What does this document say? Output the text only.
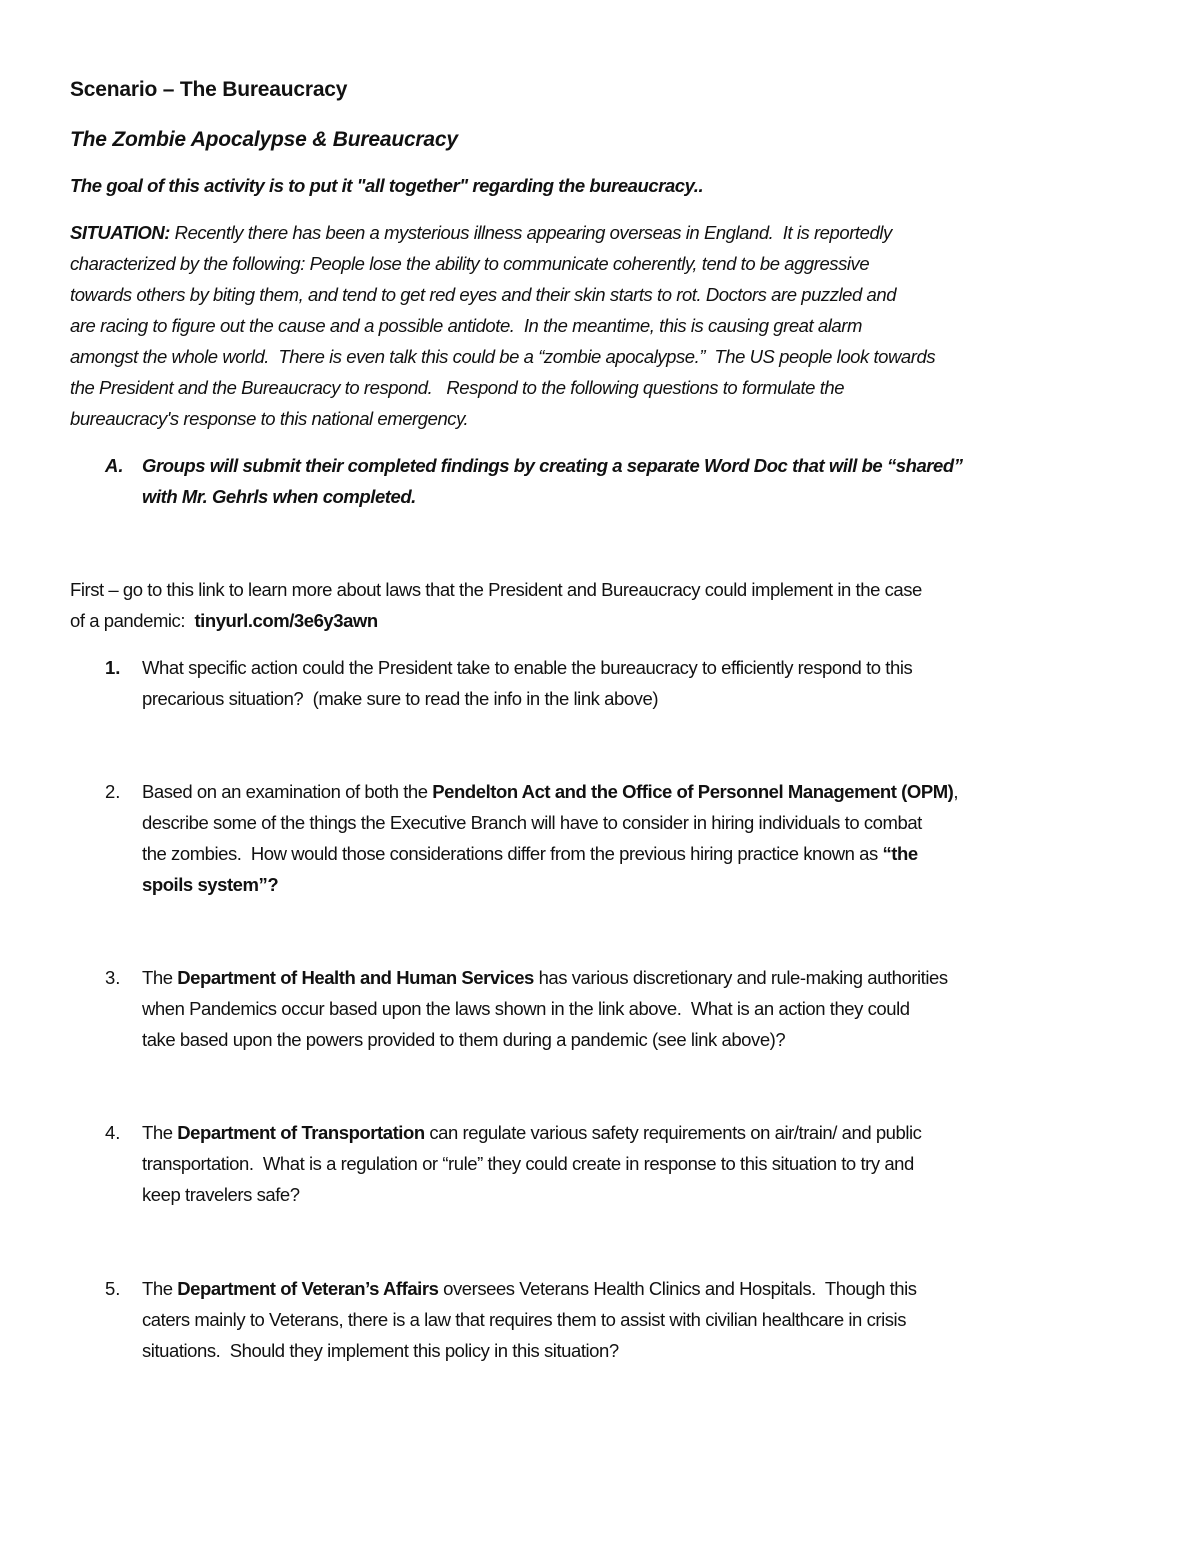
Scenario – The Bureaucracy
The Zombie Apocalypse & Bureaucracy
The goal of this activity is to put it "all together" regarding the bureaucracy..
SITUATION: Recently there has been a mysterious illness appearing overseas in England.  It is reportedly
characterized by the following: People lose the ability to communicate coherently, tend to be aggressive
towards others by biting them, and tend to get red eyes and their skin starts to rot. Doctors are puzzled and
are racing to figure out the cause and a possible antidote.  In the meantime, this is causing great alarm
amongst the whole world.  There is even talk this could be a “zombie apocalypse.”  The US people look towards
the President and the Bureaucracy to respond.   Respond to the following questions to formulate the
bureaucracy's response to this national emergency.
A. Groups will submit their completed findings by creating a separate Word Doc that will be “shared”
with Mr. Gehrls when completed.
First – go to this link to learn more about laws that the President and Bureaucracy could implement in the case
of a pandemic:  tinyurl.com/3e6y3awn
1. What specific action could the President take to enable the bureaucracy to efficiently respond to this
precarious situation?  (make sure to read the info in the link above)
2. Based on an examination of both the Pendelton Act and the Office of Personnel Management (OPM),
describe some of the things the Executive Branch will have to consider in hiring individuals to combat
the zombies.  How would those considerations differ from the previous hiring practice known as “the
spoils system”?
3. The Department of Health and Human Services has various discretionary and rule-making authorities
when Pandemics occur based upon the laws shown in the link above.  What is an action they could
take based upon the powers provided to them during a pandemic (see link above)?
4. The Department of Transportation can regulate various safety requirements on air/train/ and public
transportation.  What is a regulation or “rule” they could create in response to this situation to try and
keep travelers safe?
5. The Department of Veteran’s Affairs oversees Veterans Health Clinics and Hospitals.  Though this
caters mainly to Veterans, there is a law that requires them to assist with civilian healthcare in crisis
situations.  Should they implement this policy in this situation?
